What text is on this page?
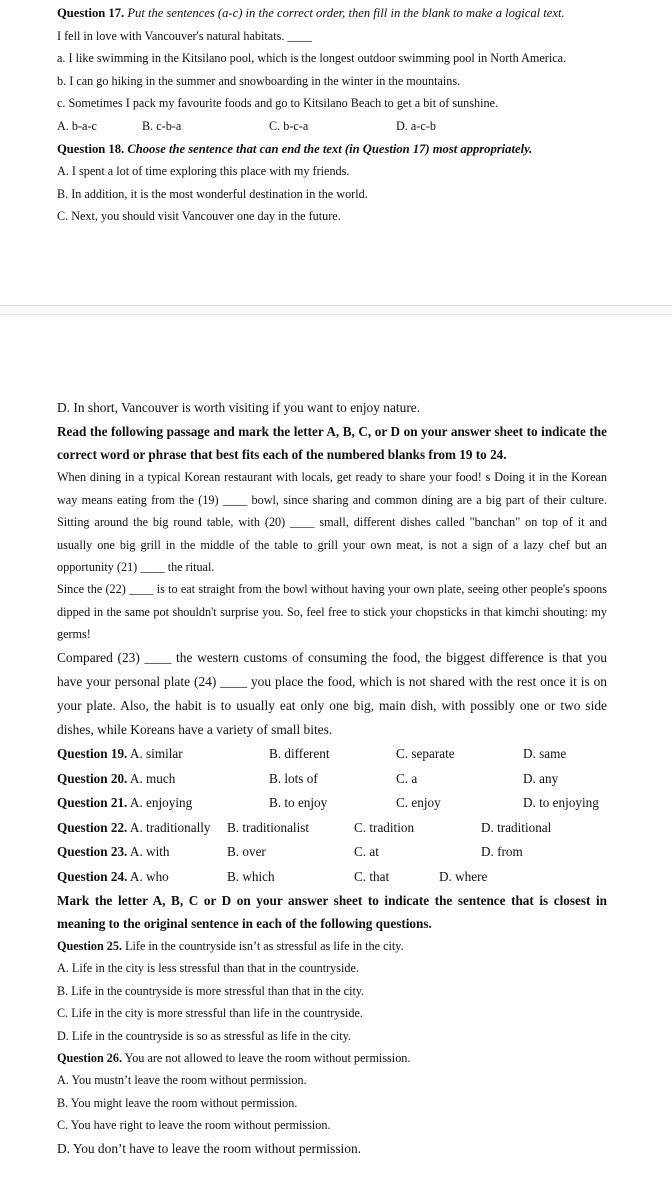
Question 17. Put the sentences (a-c) in the correct order, then fill in the blank to make a logical text.
I fell in love with Vancouver's natural habitats. ____
a. I like swimming in the Kitsilano pool, which is the longest outdoor swimming pool in North America.
b. I can go hiking in the summer and snowboarding in the winter in the mountains.
c. Sometimes I pack my favourite foods and go to Kitsilano Beach to get a bit of sunshine.
A. b-a-c	B. c-b-a	C. b-c-a	D. a-c-b
Question 18. Choose the sentence that can end the text (in Question 17) most appropriately.
A. I spent a lot of time exploring this place with my friends.
B. In addition, it is the most wonderful destination in the world.
C. Next, you should visit Vancouver one day in the future.
D. In short, Vancouver is worth visiting if you want to enjoy nature.
Read the following passage and mark the letter A, B, C, or D on your answer sheet to indicate the correct word or phrase that best fits each of the numbered blanks from 19 to 24.
When dining in a typical Korean restaurant with locals, get ready to share your food! s Doing it in the Korean way means eating from the (19) ____ bowl, since sharing and common dining are a big part of their culture. Sitting around the big round table, with (20) ____ small, different dishes called "banchan" on top of it and usually one big grill in the middle of the table to grill your own meat, is not a sign of a lazy chef but an opportunity (21) ____ the ritual.
Since the (22) ____ is to eat straight from the bowl without having your own plate, seeing other people's spoons dipped in the same pot shouldn't surprise you. So, feel free to stick your chopsticks in that kimchi shouting: my germs!
Compared (23) ____ the western customs of consuming the food, the biggest difference is that you have your personal plate (24) ____ you place the food, which is not shared with the rest once it is on your plate. Also, the habit is to usually eat only one big, main dish, with possibly one or two side dishes, while Koreans have a variety of small bites.
Question 19. A. similar	B. different	C. separate	D. same
Question 20. A. much	B. lots of	C. a	D. any
Question 21. A. enjoying	B. to enjoy	C. enjoy	D. to enjoying
Question 22. A. traditionally	B. traditionalist	C. tradition	D. traditional
Question 23. A. with	B. over	C. at	D. from
Question 24. A. who	B. which	C. that	D. where
Mark the letter A, B, C or D on your answer sheet to indicate the sentence that is closest in meaning to the original sentence in each of the following questions.
Question 25. Life in the countryside isn’t as stressful as life in the city.
A. Life in the city is less stressful than that in the countryside.
B. Life in the countryside is more stressful than that in the city.
C. Life in the city is more stressful than life in the countryside.
D. Life in the countryside is so as stressful as life in the city.
Question 26. You are not allowed to leave the room without permission.
A. You mustn’t leave the room without permission.
B. You might leave the room without permission.
C. You have right to leave the room without permission.
D. You don’t have to leave the room without permission.
